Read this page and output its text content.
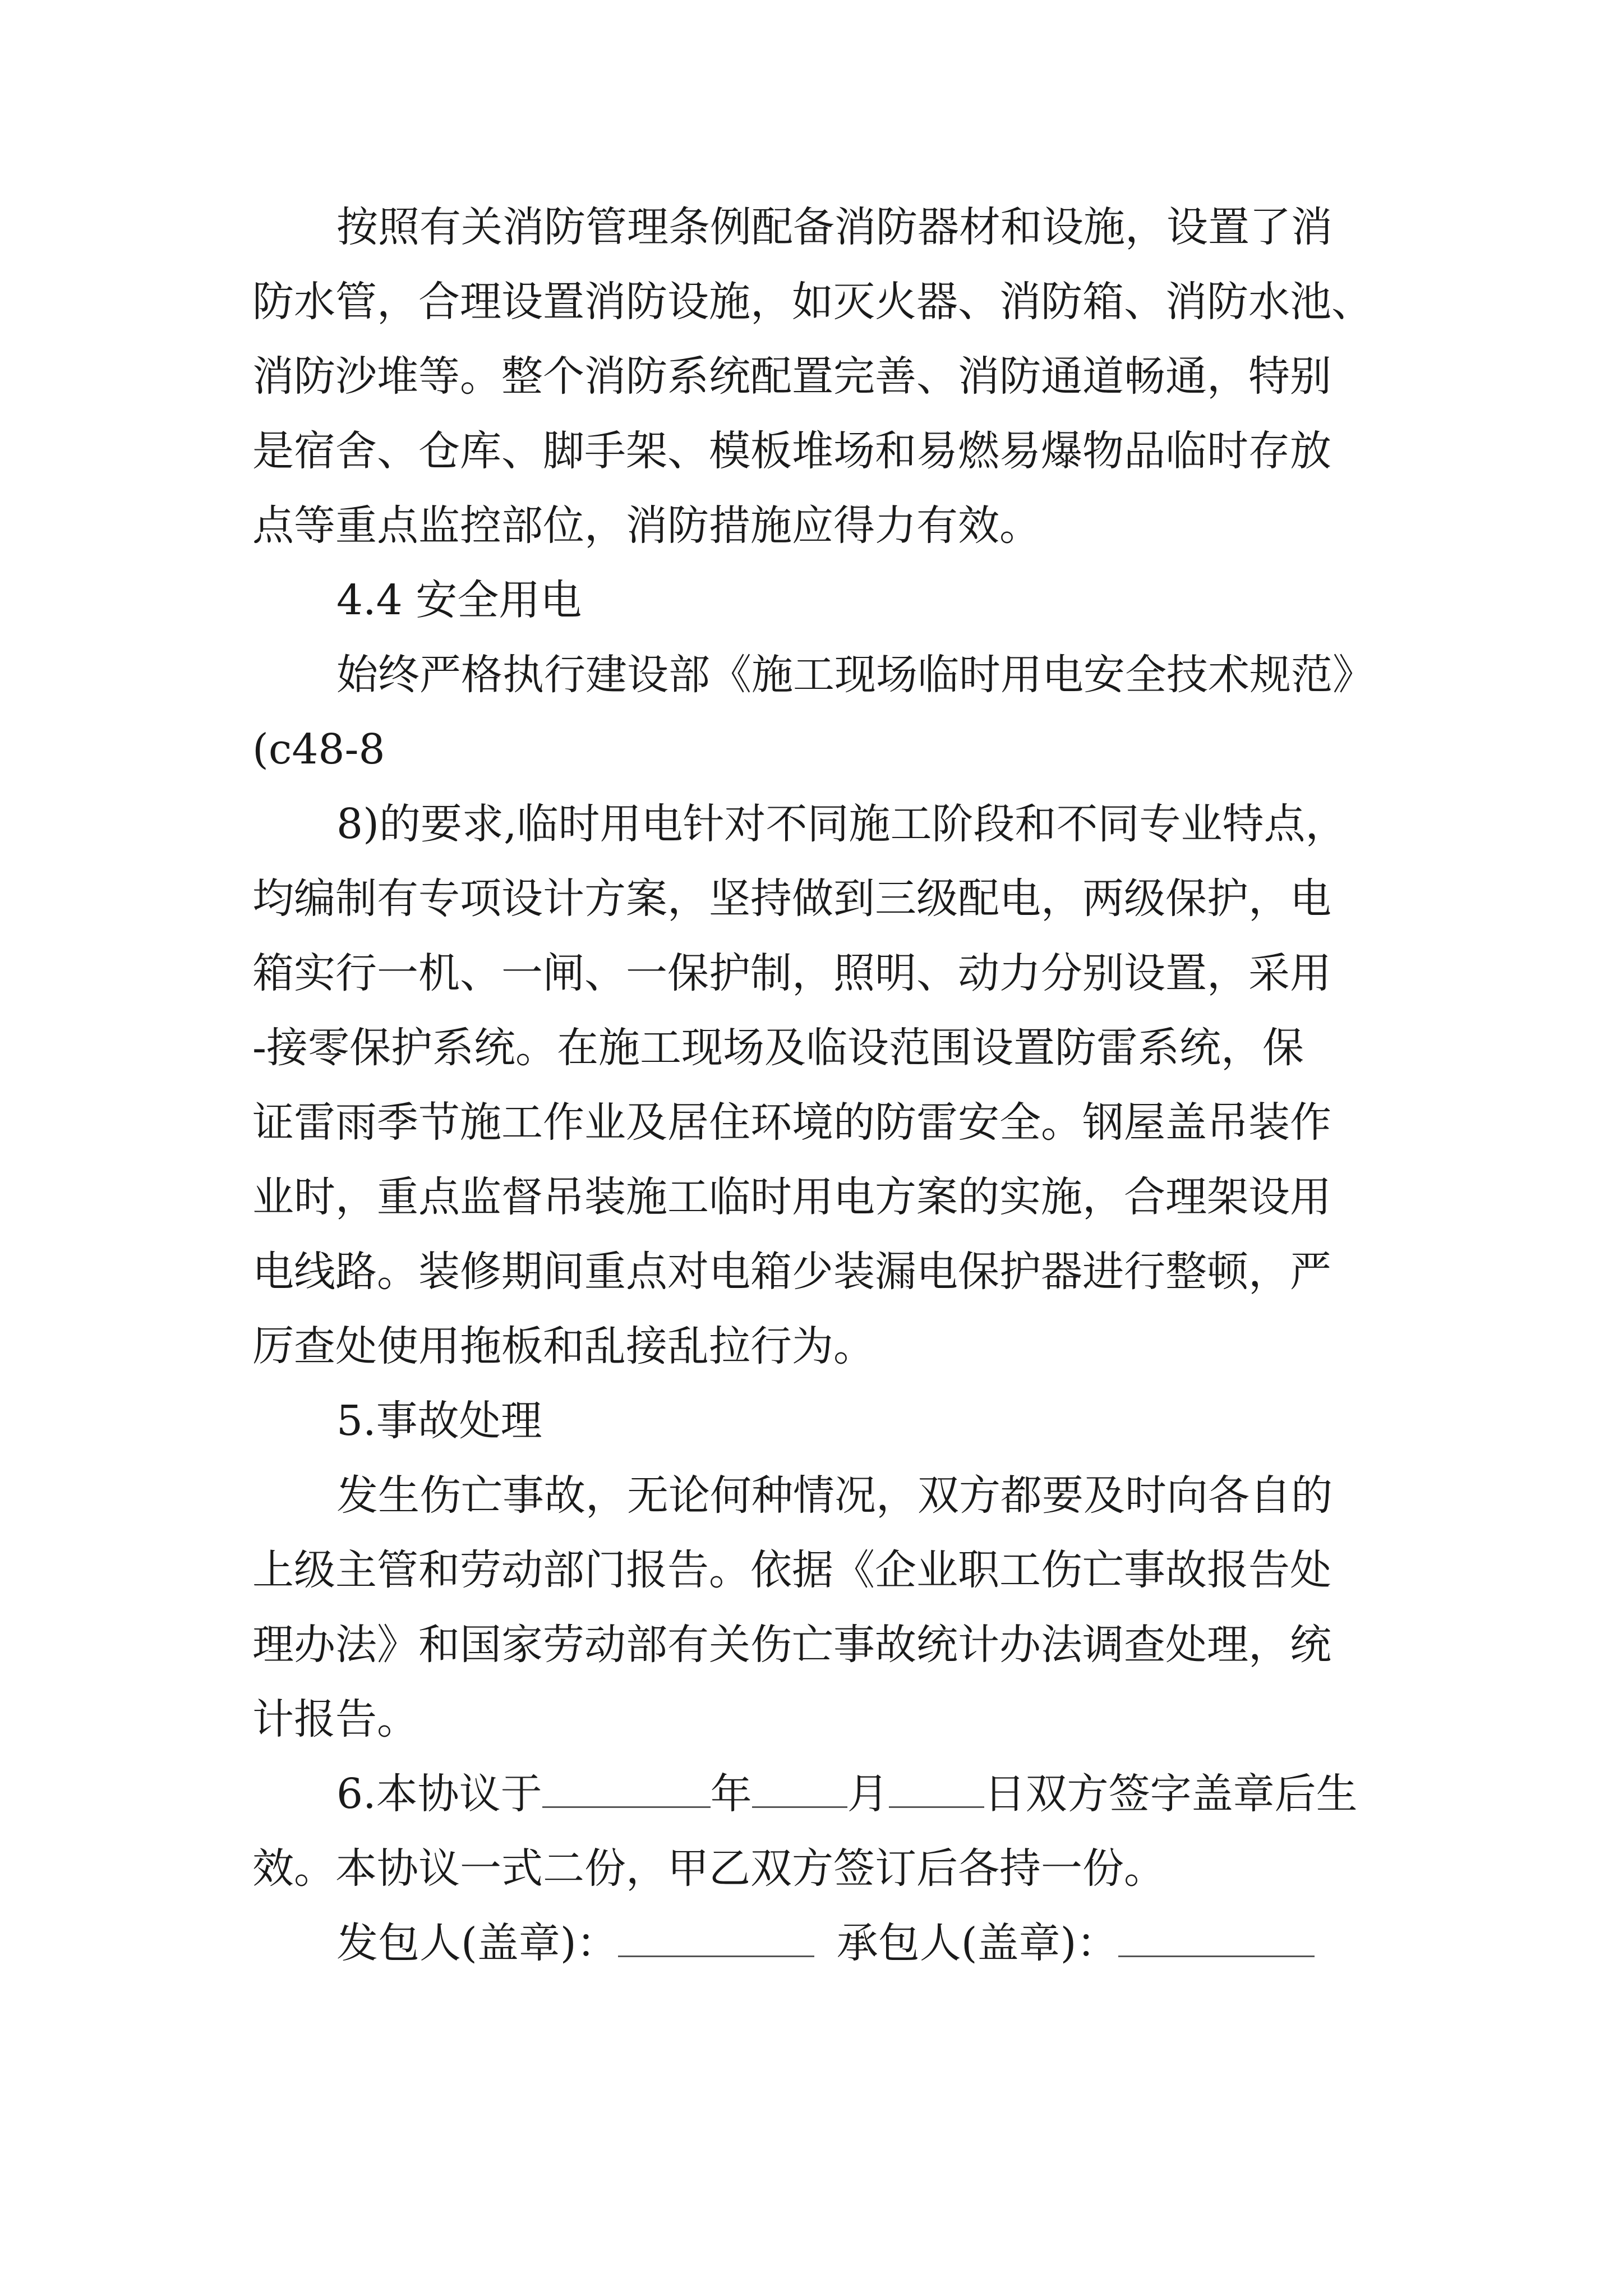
按照有关消防管理条例配备消防器材和设施，设置了消
防水管，合理设置消防设施，如灭火器、消防箱、消防水池、
消防沙堆等。整个消防系统配置完善、消防通道畅通，特别
是宿舍、仓库、脚手架、模板堆场和易燃易爆物品临时存放
点等重点监控部位，消防措施应得力有效。
4.4 安全用电
始终严格执行建设部《施工现场临时用电安全技术规范》
(c48-8
8)的要求,临时用电针对不同施工阶段和不同专业特点，
均编制有专项设计方案，坚持做到三级配电，两级保护，电
箱实行一机、一闸、一保护制，照明、动力分别设置，采用
-接零保护系统。在施工现场及临设范围设置防雷系统，保
证雷雨季节施工作业及居住环境的防雷安全。钢屋盖吊装作
业时，重点监督吊装施工临时用电方案的实施，合理架设用
电线路。装修期间重点对电箱少装漏电保护器进行整顿，严
厉查处使用拖板和乱接乱拉行为。
5.事故处理
发生伤亡事故，无论何种情况，双方都要及时向各自的
上级主管和劳动部门报告。依据《企业职工伤亡事故报告处
理办法》和国家劳动部有关伤亡事故统计办法调查处理，统
计报告。
6.本协议于	年 月 日双方签字盖章后生
效。本协议一式二份，甲乙双方签订后各持一份。
发包人(盖章)：	承包人(盖章)：
